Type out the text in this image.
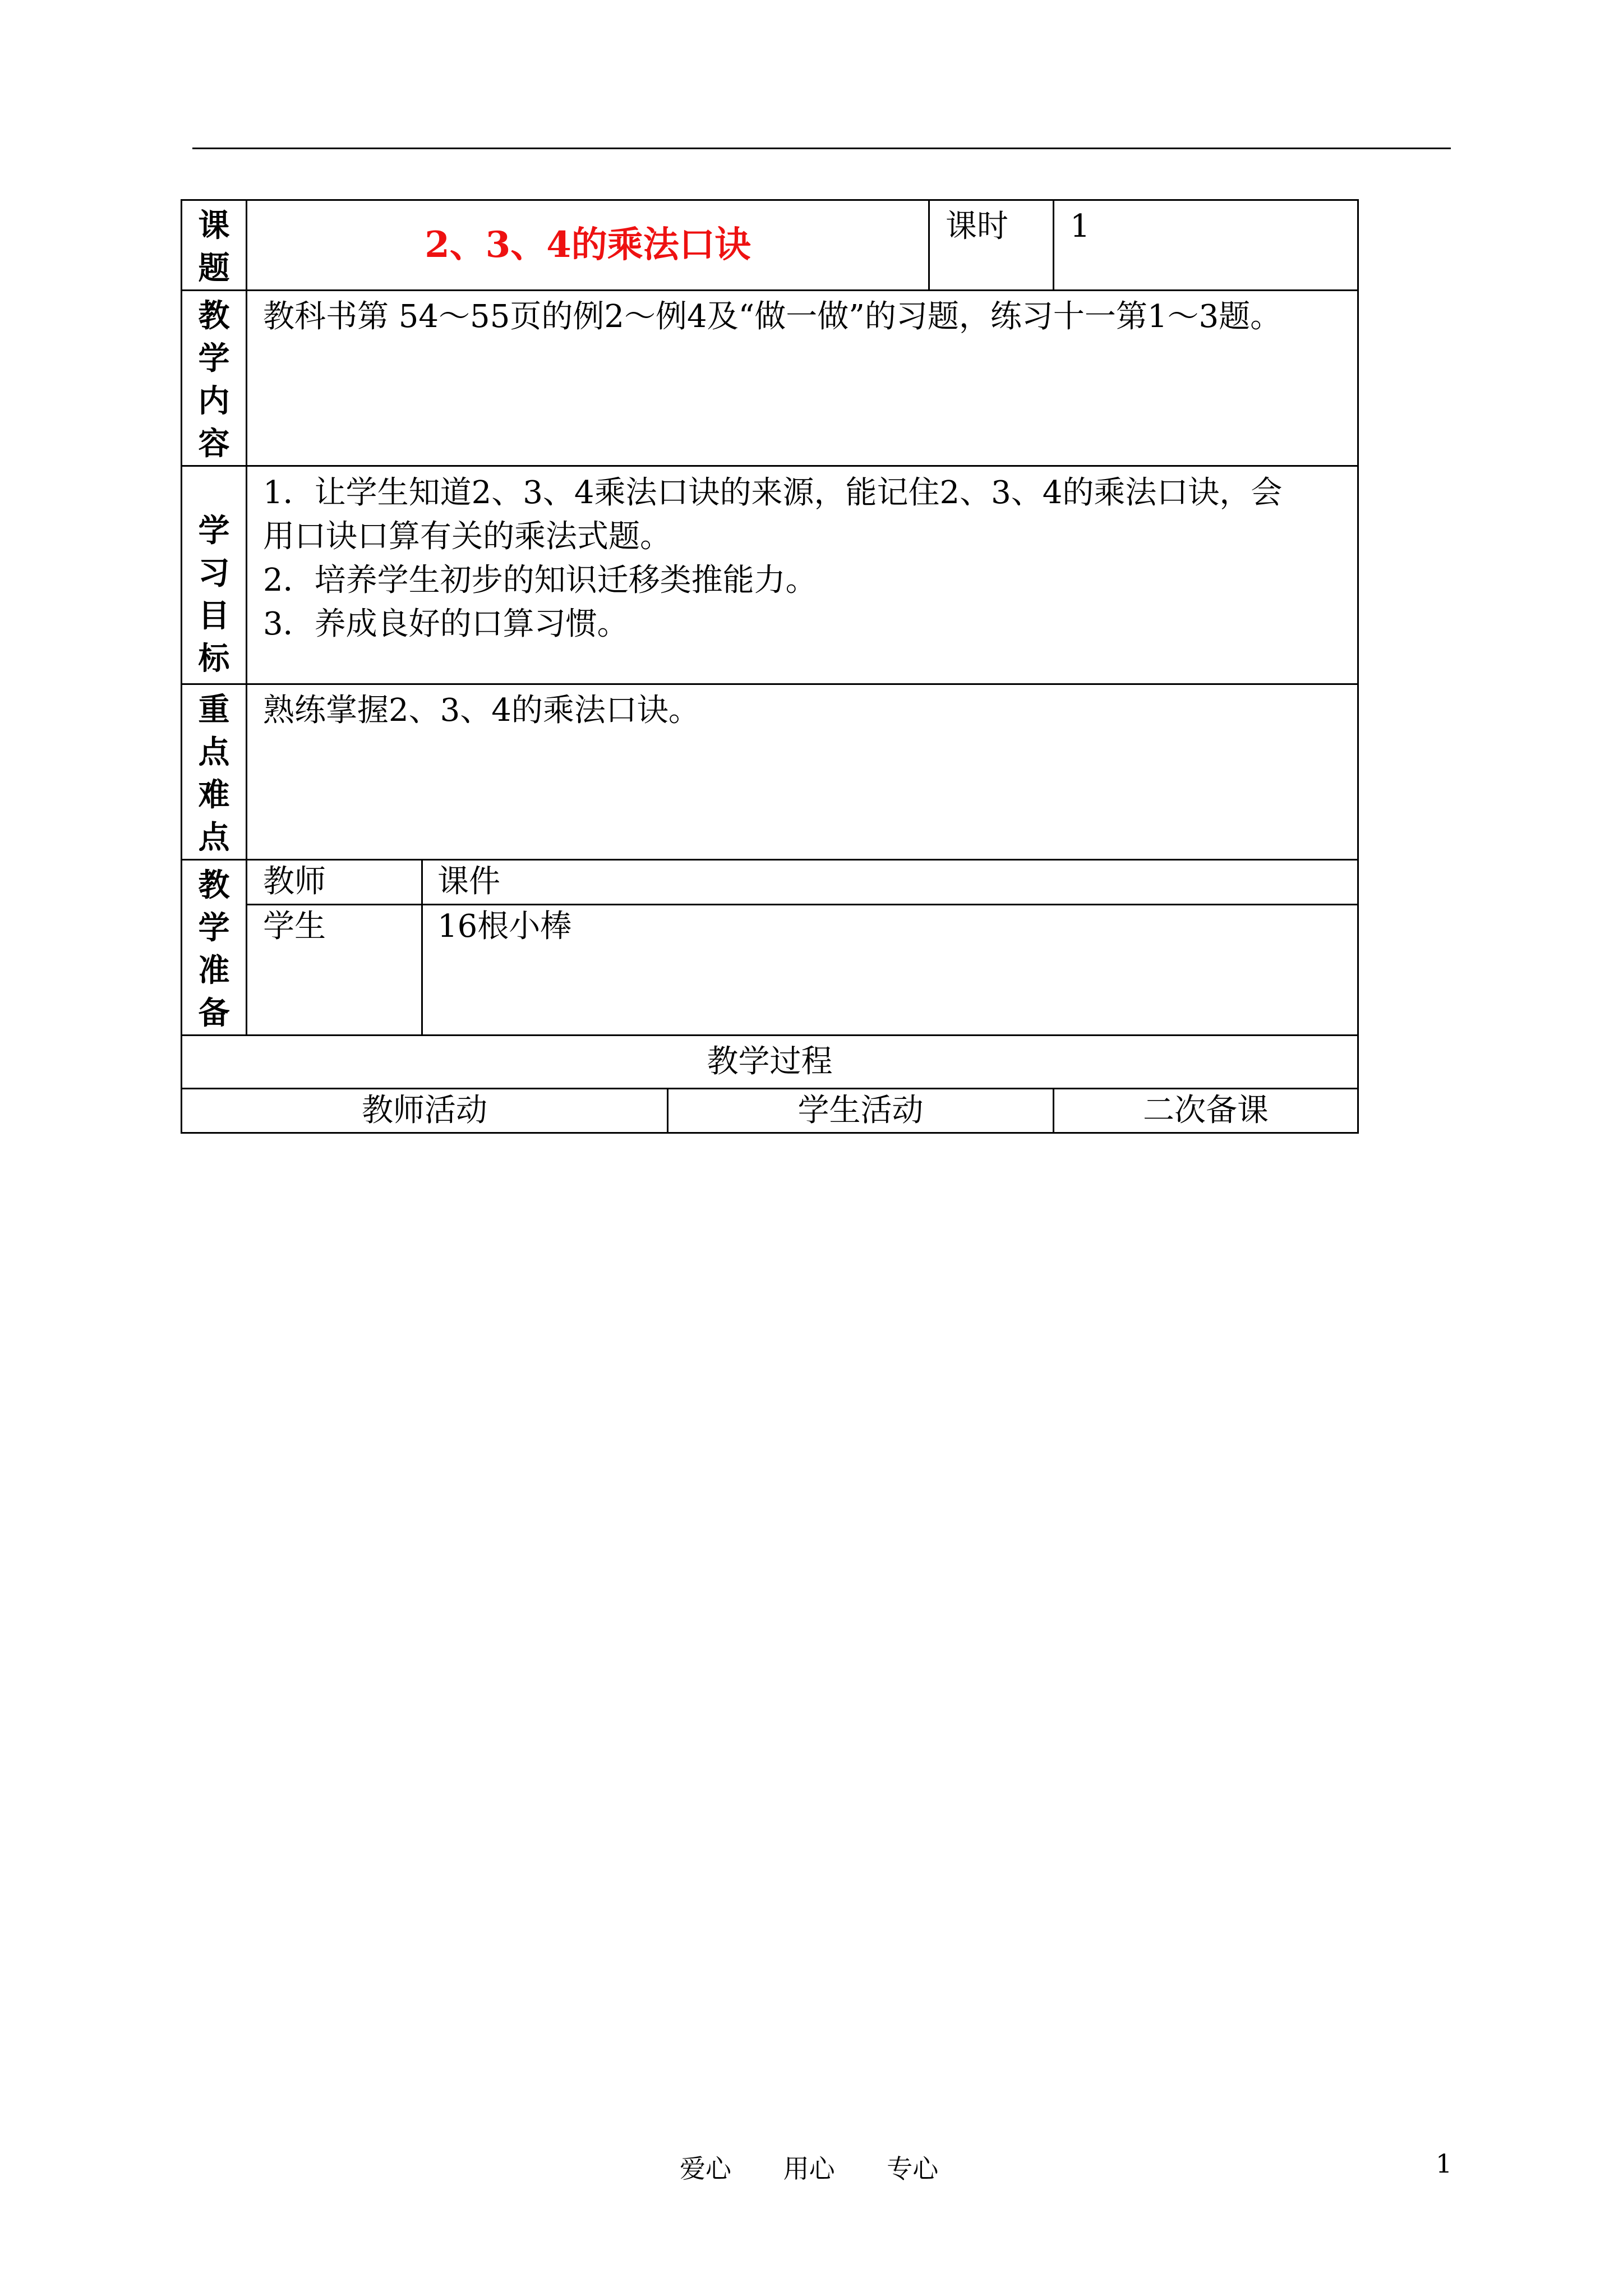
课
题	2、3、4的乘法口诀			课时	1

教
学
内
容	教科书第 54～55页的例2～例4及“做一做”的习题，练习十一第1～3题。				

学
习
目
标	1．让学生知道2、3、4乘法口诀的来源，能记住2、3、4的乘法口诀，会
用口诀口算有关的乘法式题。
2．培养学生初步的知识迁移类推能力。
3．养成良好的口算习惯。				

重
点
难
点	熟练掌握2、3、4的乘法口诀。				

教
学
准
备	教师	课件			
	学生	16根小棒			
教学过程					
教师活动			学生活动		二次备课
爱心 用心 专心	1
